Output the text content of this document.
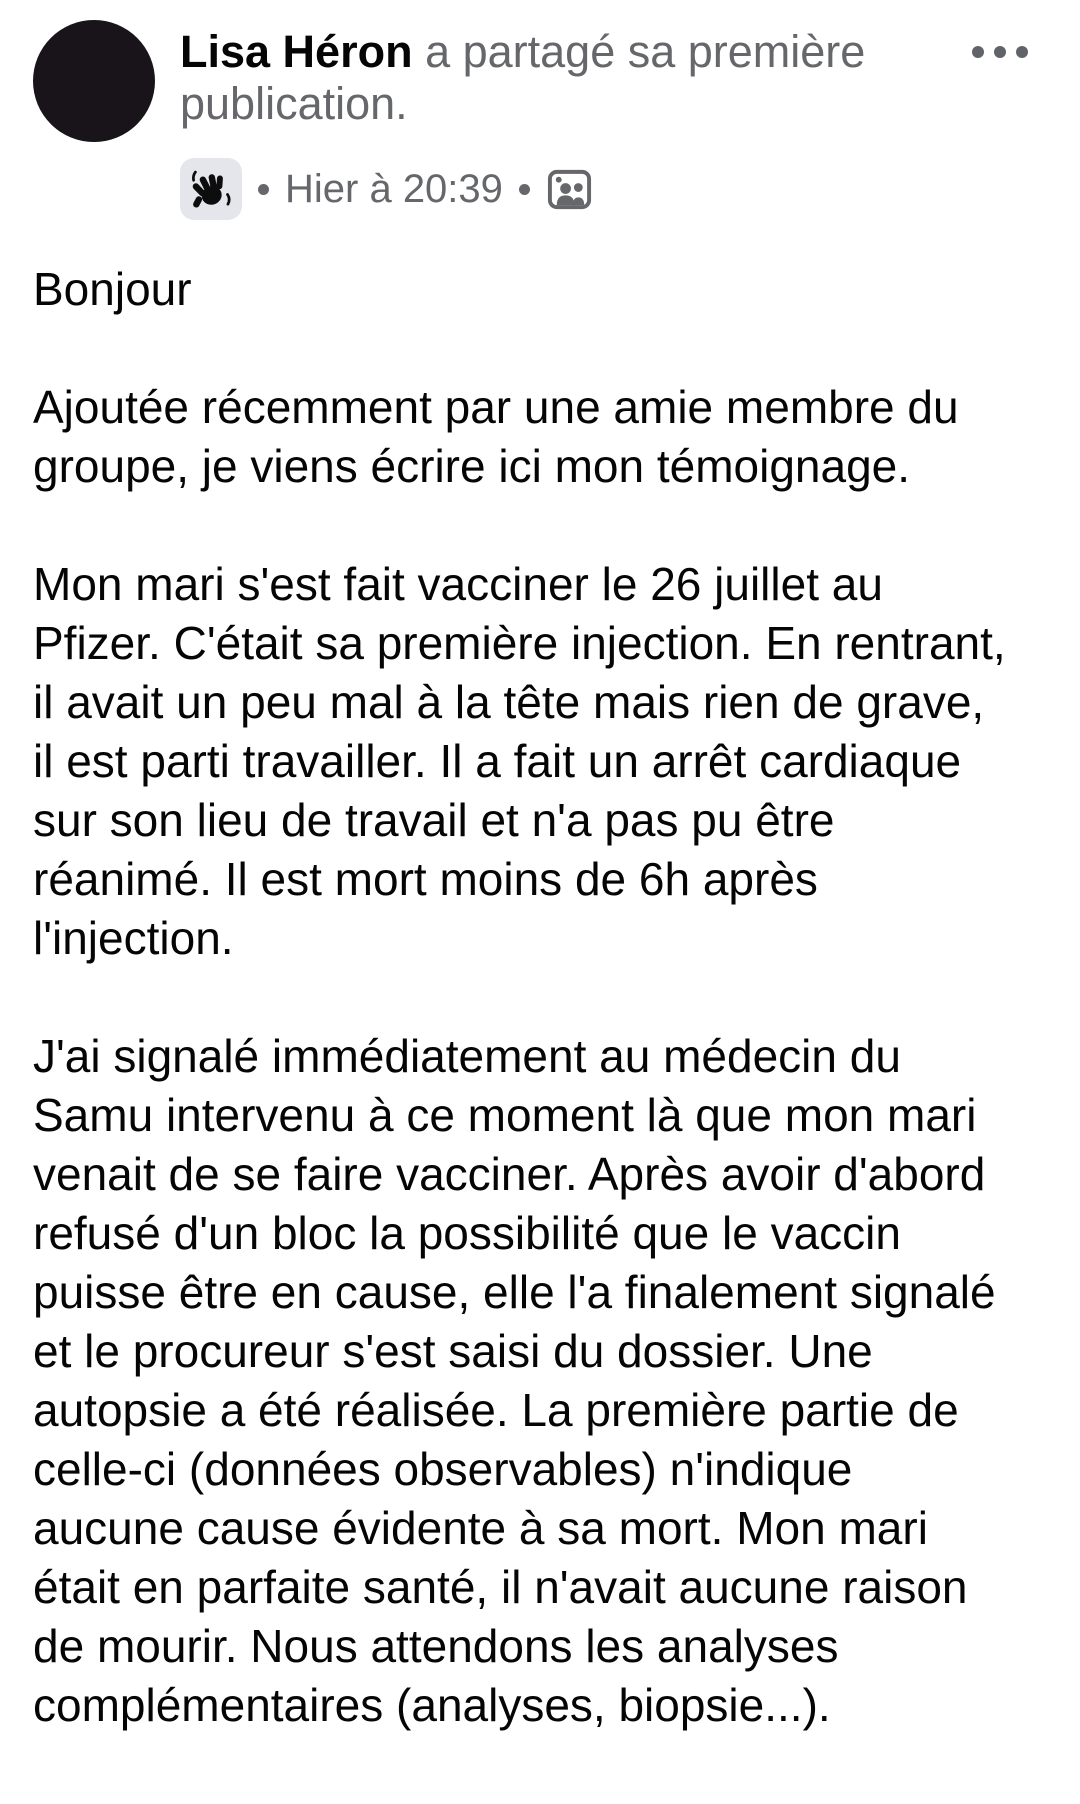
Lisa Héron a partagé sa première publication.
Hier à 20:39
Bonjour
Ajoutée récemment par une amie membre du
groupe, je viens écrire ici mon témoignage.
Mon mari s'est fait vacciner le 26 juillet au
Pfizer. C'était sa première injection. En rentrant,
il avait un peu mal à la tête mais rien de grave,
il est parti travailler. Il a fait un arrêt cardiaque
sur son lieu de travail et n'a pas pu être
réanimé. Il est mort moins de 6h après
l'injection.
J'ai signalé immédiatement au médecin du
Samu intervenu à ce moment là que mon mari
venait de se faire vacciner. Après avoir d'abord
refusé d'un bloc la possibilité que le vaccin
puisse être en cause, elle l'a finalement signalé
et le procureur s'est saisi du dossier. Une
autopsie a été réalisée. La première partie de
celle-ci (données observables) n'indique
aucune cause évidente à sa mort. Mon mari
était en parfaite santé, il n'avait aucune raison
de mourir. Nous attendons les analyses
complémentaires (analyses, biopsie...).
